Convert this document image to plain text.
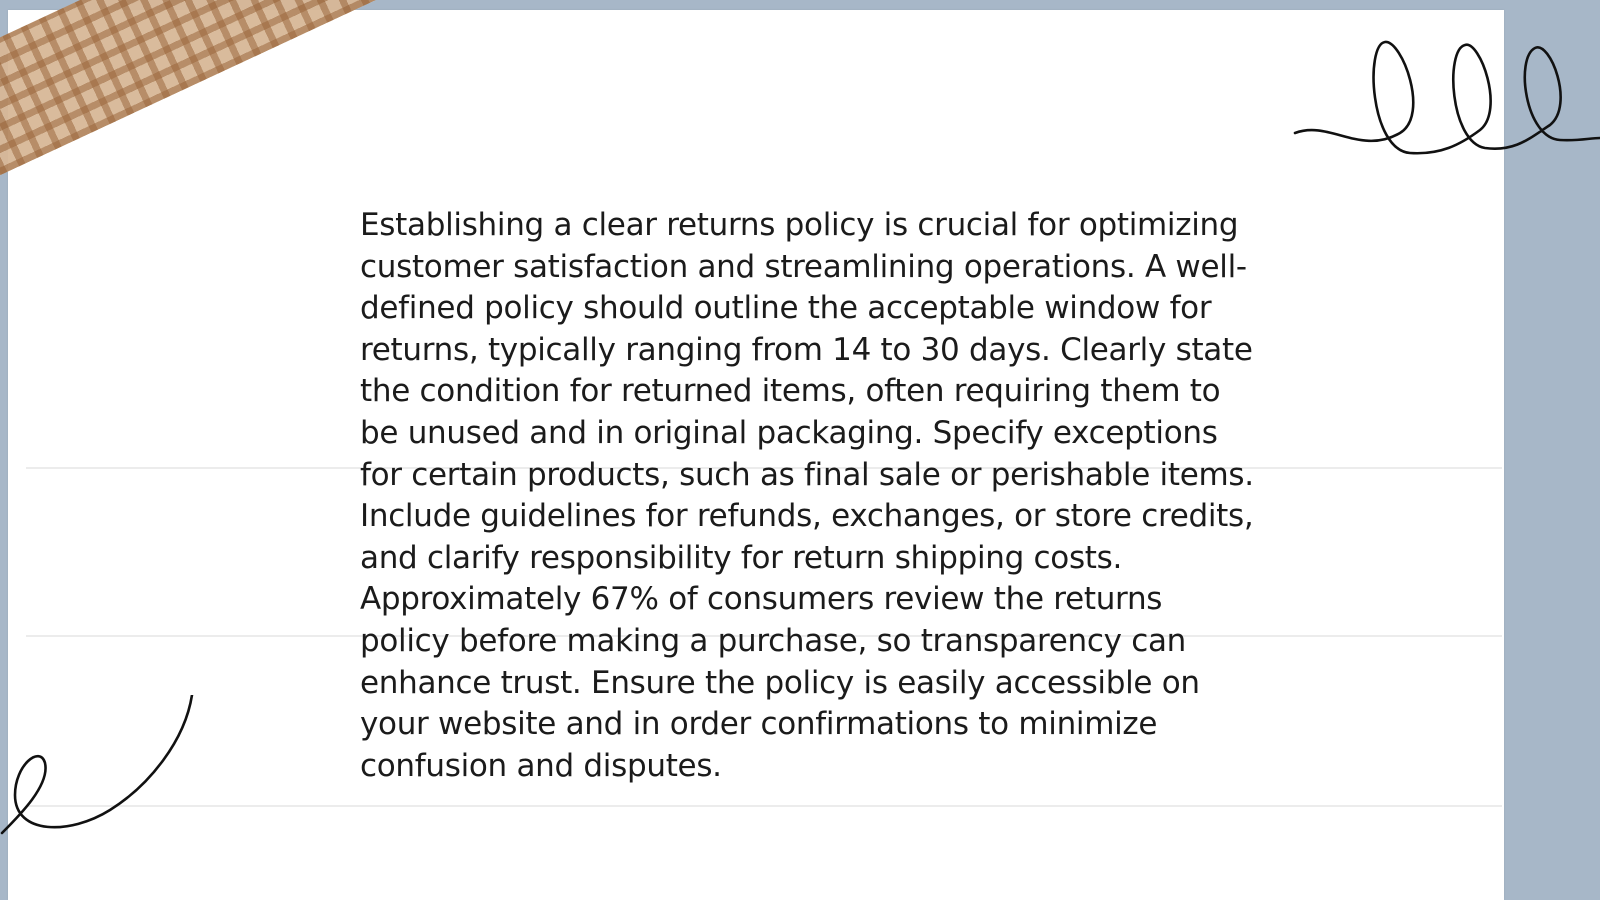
Establishing a clear returns policy is crucial for optimizing customer satisfaction and streamlining operations. A well-defined policy should outline the acceptable window for returns, typically ranging from 14 to 30 days. Clearly state the condition for returned items, often requiring them to be unused and in original packaging. Specify exceptions for certain products, such as final sale or perishable items. Include guidelines for refunds, exchanges, or store credits, and clarify responsibility for return shipping costs. Approximately 67% of consumers review the returns policy before making a purchase, so transparency can enhance trust. Ensure the policy is easily accessible on your website and in order confirmations to minimize confusion and disputes.
